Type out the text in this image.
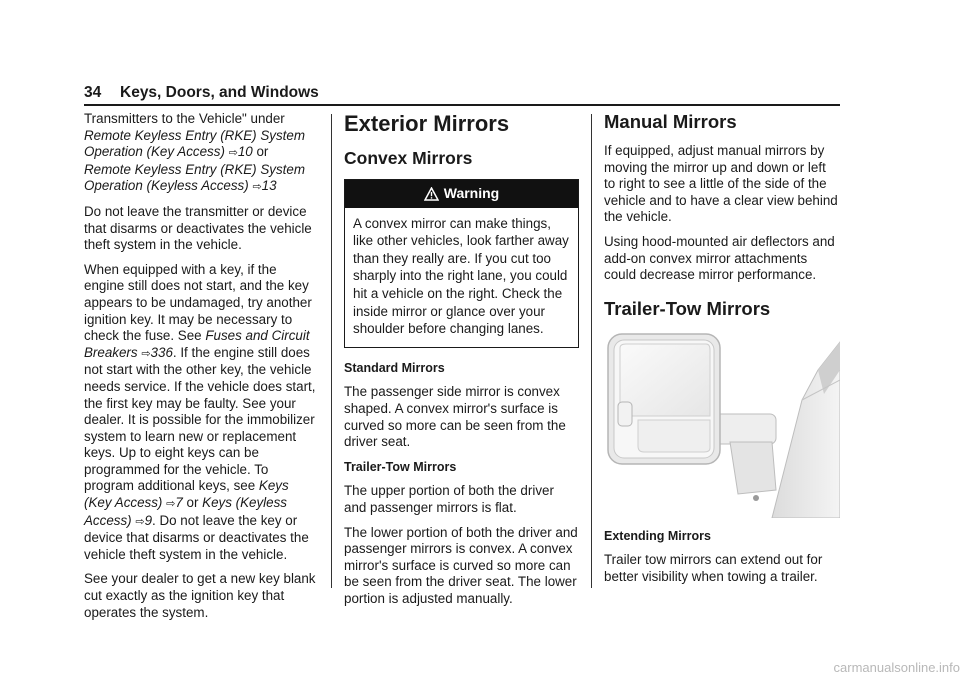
34 Keys, Doors, and Windows

Transmitters to the Vehicle" under Remote Keyless Entry (RKE) System Operation (Key Access) ⇨10 or
Remote Keyless Entry (RKE) System Operation (Keyless Access) ⇨13

Do not leave the transmitter or device that disarms or deactivates the vehicle theft system in the vehicle.

When equipped with a key, if the engine still does not start, and the key appears to be undamaged, try another ignition key. It may be necessary to check the fuse. See Fuses and Circuit Breakers ⇨336. If the engine still does not start with the other key, the vehicle needs service. If the vehicle does start, the first key may be faulty. See your dealer. It is possible for the immobilizer system to learn new or replacement keys. Up to eight keys can be programmed for the vehicle. To program additional keys, see Keys (Key Access) ⇨7 or Keys (Keyless Access) ⇨9. Do not leave the key or device that disarms or deactivates the vehicle theft system in the vehicle.

See your dealer to get a new key blank cut exactly as the ignition key that operates the system.

Exterior Mirrors
Convex Mirrors
Warning
A convex mirror can make things, like other vehicles, look farther away than they really are. If you cut too sharply into the right lane, you could hit a vehicle on the right. Check the inside mirror or glance over your shoulder before changing lanes.
Standard Mirrors

The passenger side mirror is convex shaped. A convex mirror's surface is curved so more can be seen from the driver seat.

Trailer-Tow Mirrors

The upper portion of both the driver and passenger mirrors is flat.

The lower portion of both the driver and passenger mirrors is convex. A convex mirror's surface is curved so more can be seen from the driver seat. The lower portion is adjusted manually.

Manual Mirrors

If equipped, adjust manual mirrors by moving the mirror up and down or left to right to see a little of the side of the vehicle and to have a clear view behind the vehicle.

Using hood-mounted air deflectors and add-on convex mirror attachments could decrease mirror performance.

Trailer-Tow Mirrors
Extending Mirrors

Trailer tow mirrors can extend out for better visibility when towing a trailer.

carmanualsonline.info
